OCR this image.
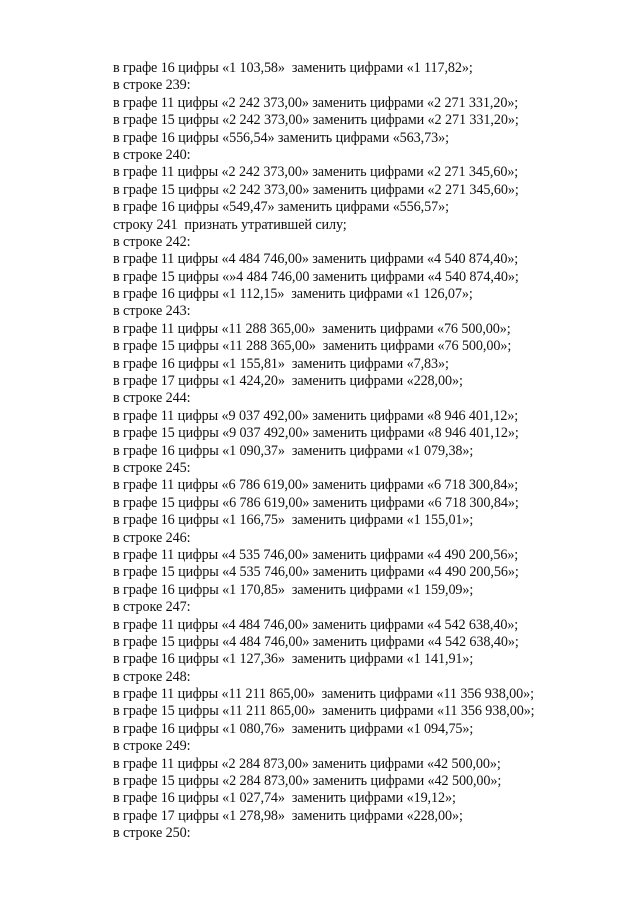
в графе 16 цифры «1 103,58»  заменить цифрами «1 117,82»;
в строке 239:
в графе 11 цифры «2 242 373,00» заменить цифрами «2 271 331,20»;
в графе 15 цифры «2 242 373,00» заменить цифрами «2 271 331,20»;
в графе 16 цифры «556,54» заменить цифрами «563,73»;
в строке 240:
в графе 11 цифры «2 242 373,00» заменить цифрами «2 271 345,60»;
в графе 15 цифры «2 242 373,00» заменить цифрами «2 271 345,60»;
в графе 16 цифры «549,47» заменить цифрами «556,57»;
строку 241  признать утратившей силу;
в строке 242:
в графе 11 цифры «4 484 746,00» заменить цифрами «4 540 874,40»;
в графе 15 цифры «»4 484 746,00 заменить цифрами «4 540 874,40»;
в графе 16 цифры «1 112,15»  заменить цифрами «1 126,07»;
в строке 243:
в графе 11 цифры «11 288 365,00»  заменить цифрами «76 500,00»;
в графе 15 цифры «11 288 365,00»  заменить цифрами «76 500,00»;
в графе 16 цифры «1 155,81»  заменить цифрами «7,83»;
в графе 17 цифры «1 424,20»  заменить цифрами «228,00»;
в строке 244:
в графе 11 цифры «9 037 492,00» заменить цифрами «8 946 401,12»;
в графе 15 цифры «9 037 492,00» заменить цифрами «8 946 401,12»;
в графе 16 цифры «1 090,37»  заменить цифрами «1 079,38»;
в строке 245:
в графе 11 цифры «6 786 619,00» заменить цифрами «6 718 300,84»;
в графе 15 цифры «6 786 619,00» заменить цифрами «6 718 300,84»;
в графе 16 цифры «1 166,75»  заменить цифрами «1 155,01»;
в строке 246:
в графе 11 цифры «4 535 746,00» заменить цифрами «4 490 200,56»;
в графе 15 цифры «4 535 746,00» заменить цифрами «4 490 200,56»;
в графе 16 цифры «1 170,85»  заменить цифрами «1 159,09»;
в строке 247:
в графе 11 цифры «4 484 746,00» заменить цифрами «4 542 638,40»;
в графе 15 цифры «4 484 746,00» заменить цифрами «4 542 638,40»;
в графе 16 цифры «1 127,36»  заменить цифрами «1 141,91»;
в строке 248:
в графе 11 цифры «11 211 865,00»  заменить цифрами «11 356 938,00»;
в графе 15 цифры «11 211 865,00»  заменить цифрами «11 356 938,00»;
в графе 16 цифры «1 080,76»  заменить цифрами «1 094,75»;
в строке 249:
в графе 11 цифры «2 284 873,00» заменить цифрами «42 500,00»;
в графе 15 цифры «2 284 873,00» заменить цифрами «42 500,00»;
в графе 16 цифры «1 027,74»  заменить цифрами «19,12»;
в графе 17 цифры «1 278,98»  заменить цифрами «228,00»;
в строке 250:
